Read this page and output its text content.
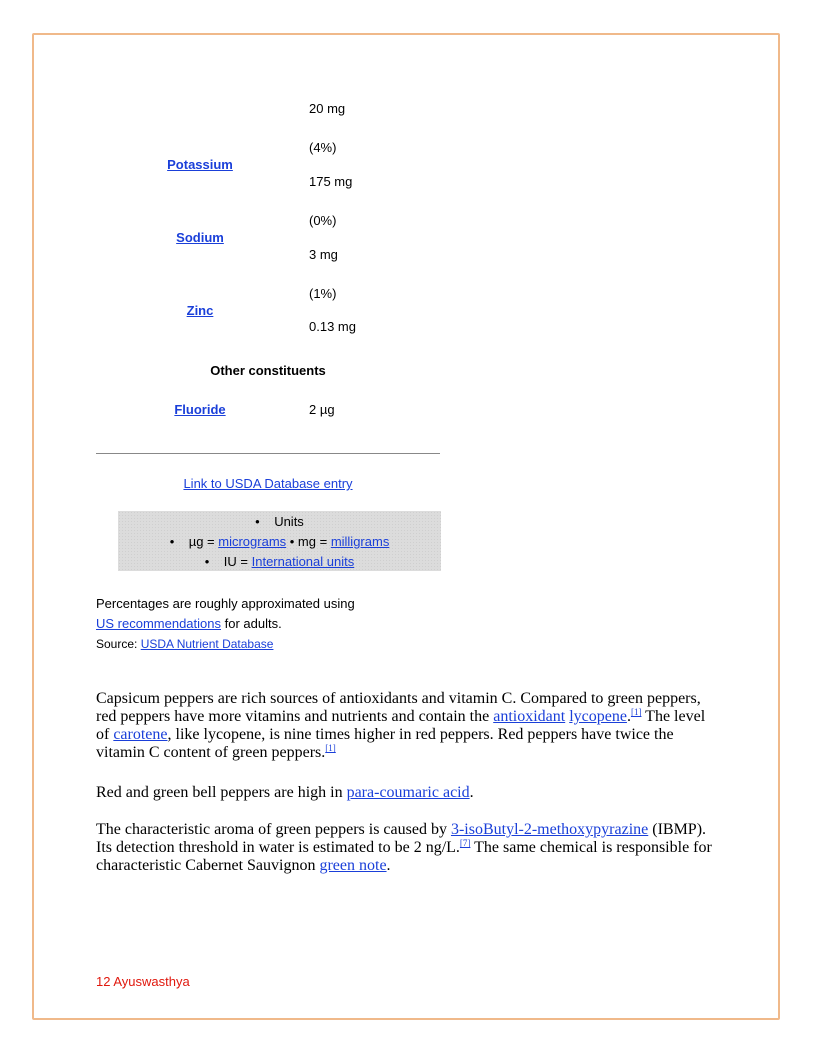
20 mg
(4%)
Potassium
175 mg
(0%)
Sodium
3 mg
(1%)
Zinc
0.13 mg
Other constituents
Fluoride	2 µg
Link to USDA Database entry
• Units
• µg = micrograms • mg = milligrams
• IU = International units
Percentages are roughly approximated using
US recommendations for adults.
Source: USDA Nutrient Database
Capsicum peppers are rich sources of antioxidants and vitamin C. Compared to green peppers, red peppers have more vitamins and nutrients and contain the antioxidant lycopene.[1] The level of carotene, like lycopene, is nine times higher in red peppers. Red peppers have twice the vitamin C content of green peppers.[1]
Red and green bell peppers are high in para-coumaric acid.
The characteristic aroma of green peppers is caused by 3-isoButyl-2-methoxypyrazine (IBMP). Its detection threshold in water is estimated to be 2 ng/L.[7] The same chemical is responsible for characteristic Cabernet Sauvignon green note.
12 Ayuswasthya
